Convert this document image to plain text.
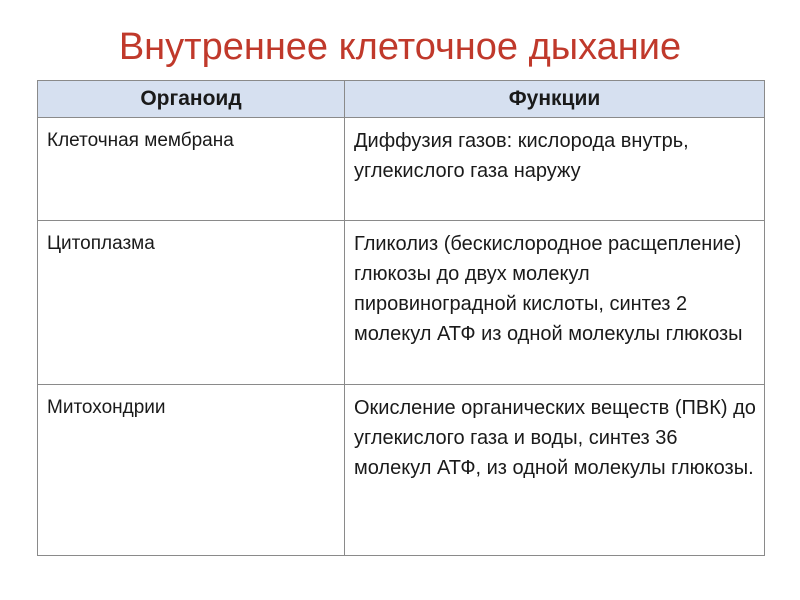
Внутреннее клеточное дыхание
Органоид	Функции
Клеточная мембрана	Диффузия газов: кислорода внутрь, углекислого газа наружу
Цитоплазма	Гликолиз (бескислородное расщепление) глюкозы до двух молекул пировиноградной кислоты, синтез 2 молекул АТФ из одной молекулы глюкозы
Митохондрии	Окисление органических веществ (ПВК) до углекислого газа и воды, синтез 36 молекул АТФ, из одной молекулы глюкозы.
